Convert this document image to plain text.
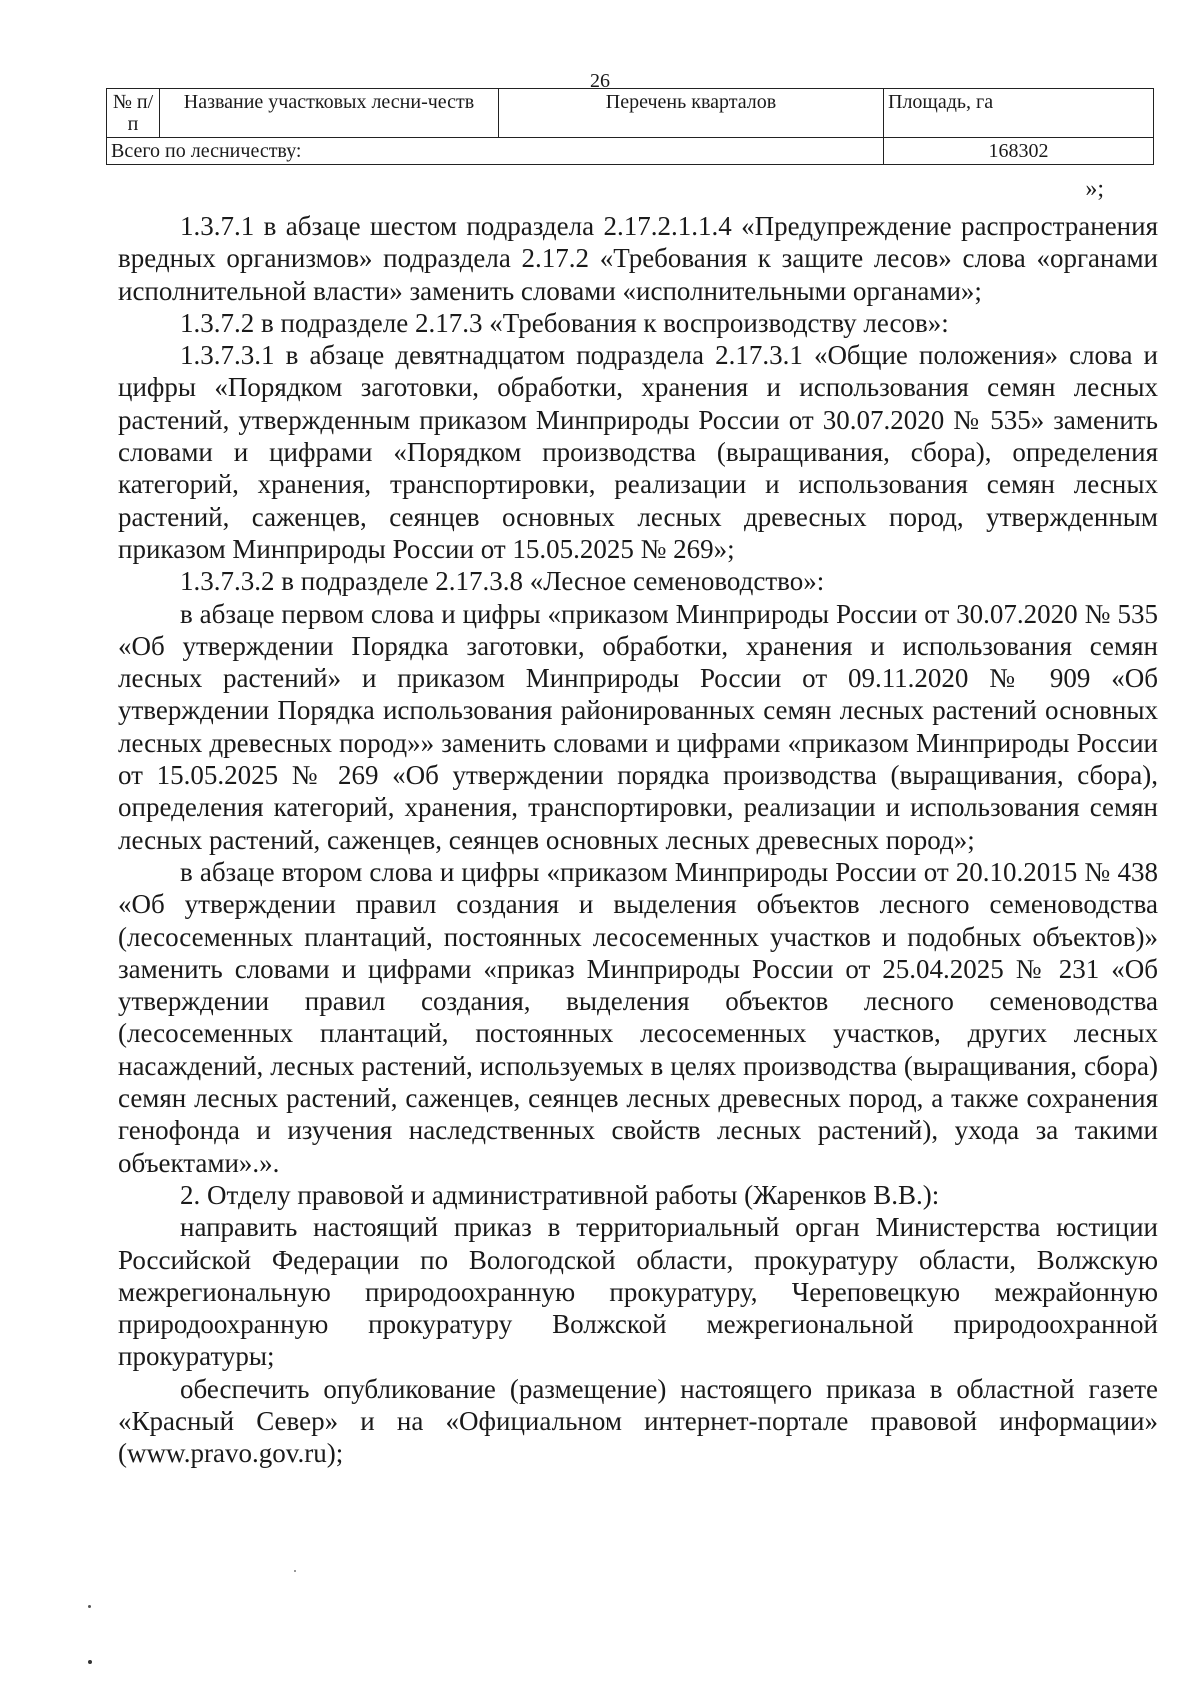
26
№ п/п	Название участковых лесни-честв	Перечень кварталов	Площадь, га
Всего по лесничеству:			168302
»;

1.3.7.1 в абзаце шестом подраздела 2.17.2.1.1.4 «Предупреждение распространения вредных организмов» подраздела 2.17.2 «Требования к защите лесов» слова «органами исполнительной власти» заменить словами «исполнительными органами»;

1.3.7.2 в подразделе 2.17.3 «Требования к воспроизводству лесов»:

1.3.7.3.1 в абзаце девятнадцатом подраздела 2.17.3.1 «Общие положения» слова и цифры «Порядком заготовки, обработки, хранения и использования семян лесных растений, утвержденным приказом Минприроды России от 30.07.2020 № 535» заменить словами и цифрами «Порядком производства (выращивания, сбора), определения категорий, хранения, транспортировки, реализации и использования семян лесных растений, саженцев, сеянцев основных лесных древесных пород, утвержденным приказом Минприроды России от 15.05.2025 № 269»;

1.3.7.3.2 в подразделе 2.17.3.8 «Лесное семеноводство»:

в абзаце первом слова и цифры «приказом Минприроды России от 30.07.2020 № 535 «Об утверждении Порядка заготовки, обработки, хранения и использования семян лесных растений» и приказом Минприроды России от 09.11.2020 № 909 «Об утверждении Порядка использования районированных семян лесных растений основных лесных древесных пород»» заменить словами и цифрами «приказом Минприроды России от 15.05.2025 № 269 «Об утверждении порядка производства (выращивания, сбора), определения категорий, хранения, транспортировки, реализации и использования семян лесных растений, саженцев, сеянцев основных лесных древесных пород»;

в абзаце втором слова и цифры «приказом Минприроды России от 20.10.2015 № 438 «Об утверждении правил создания и выделения объектов лесного семеноводства (лесосеменных плантаций, постоянных лесосеменных участков и подобных объектов)» заменить словами и цифрами «приказ Минприроды России от 25.04.2025 № 231 «Об утверждении правил создания, выделения объектов лесного семеноводства (лесосеменных плантаций, постоянных лесосеменных участков, других лесных насаждений, лесных растений, используемых в целях производства (выращивания, сбора) семян лесных растений, саженцев, сеянцев лесных древесных пород, а также сохранения генофонда и изучения наследственных свойств лесных растений), ухода за такими объектами».».

2. Отделу правовой и административной работы (Жаренков В.В.):

направить настоящий приказ в территориальный орган Министерства юстиции Российской Федерации по Вологодской области, прокуратуру области, Волжскую межрегиональную природоохранную прокуратуру, Череповецкую межрайонную природоохранную прокуратуру Волжской межрегиональной природоохранной прокуратуры;

обеспечить опубликование (размещение) настоящего приказа в областной газете «Красный Север» и на «Официальном интернет-портале правовой информации» (www.pravo.gov.ru);
